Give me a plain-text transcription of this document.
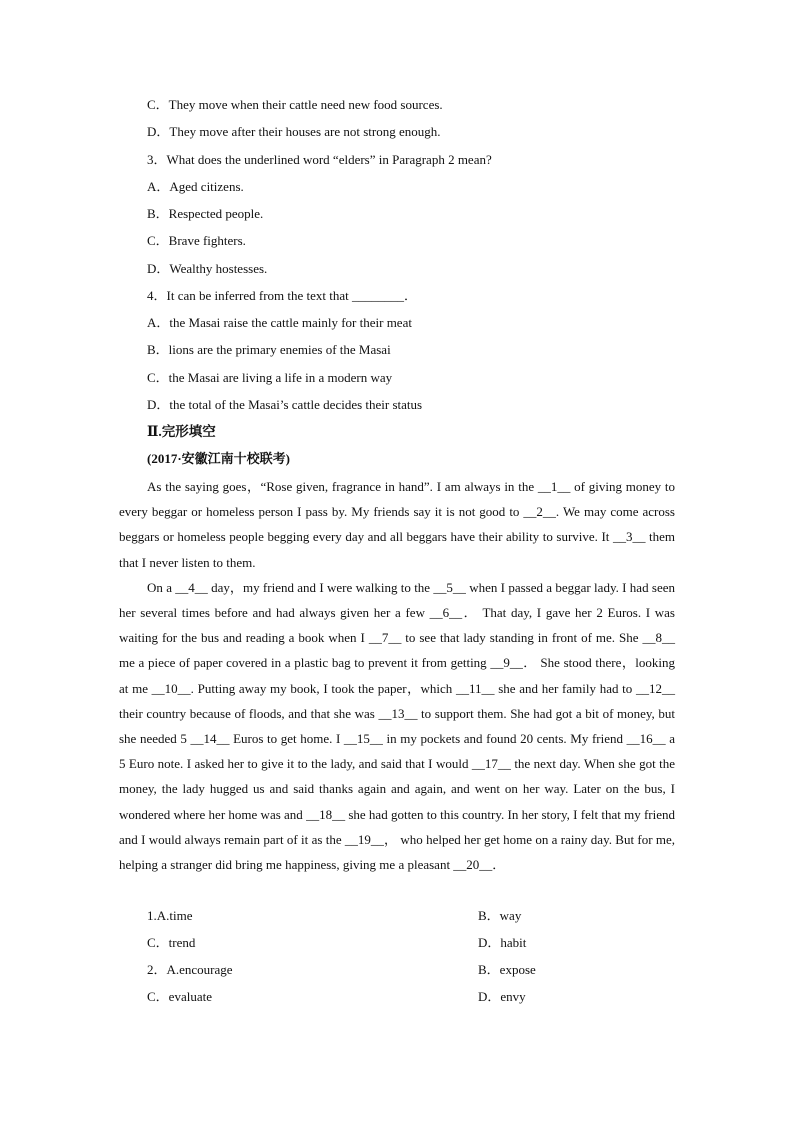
C．They move when their cattle need new food sources.
D．They move after their houses are not strong enough.
3．What does the underlined word “elders” in Paragraph 2 mean?
A．Aged citizens.
B．Respected people.
C．Brave fighters.
D．Wealthy hostesses.
4．It can be inferred from the text that ________．
A．the Masai raise the cattle mainly for their meat
B．lions are the primary enemies of the Masai
C．the Masai are living a life in a modern way
D．the total of the Masai’s cattle decides their status
Ⅱ.完形填空
(2017·安徽江南十校联考)

As the saying goes，“Rose given, fragrance in hand”. I am always in the __1__ of giving money to every beggar or homeless person I pass by. My friends say it is not good to __2__. We may come across beggars or homeless people begging every day and all beggars have their ability to survive. It __3__ them that I never listen to them.

On a __4__ day，my friend and I were walking to the __5__ when I passed a beggar lady. I had seen her several times before and had always given her a few __6__． That day, I gave her 2 Euros. I was waiting for the bus and reading a book when I __7__ to see that lady standing in front of me. She __8__ me a piece of paper covered in a plastic bag to prevent it from getting __9__． She stood there，looking at me __10__. Putting away my book, I took the paper，which __11__ she and her family had to __12__ their country because of floods, and that she was __13__ to support them. She had got a bit of money, but she needed 5 __14__ Euros to get home. I __15__ in my pockets and found 20 cents. My friend __16__ a 5 Euro note. I asked her to give it to the lady, and said that I would __17__ the next day. When she got the money, the lady hugged us and said thanks again and again, and went on her way. Later on the bus, I wondered where her home was and __18__ she had gotten to this country. In her story, I felt that my friend and I would always remain part of it as the __19__， who helped her get home on a rainy day. But for me, helping a stranger did bring me happiness, giving me a pleasant __20__．

1.A.time	B．way
C．trend	D．habit
2．A.encourage	B．expose
C．evaluate	D．envy
